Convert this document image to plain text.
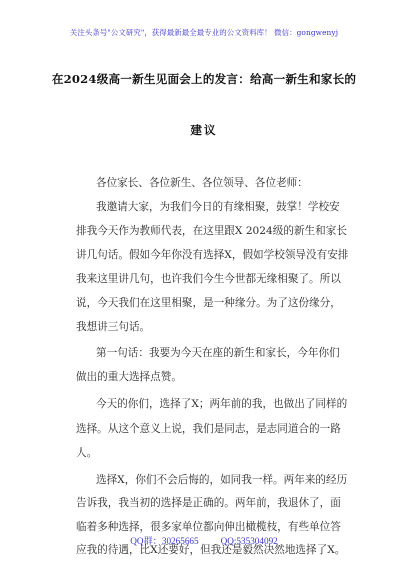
关注头条号"公文研究"，获得最新最全最专业的公文资料库！ 微信：gongwenyj
在2024级高一新生见面会上的发言：给高一新生和家长的
建议
各位家长、各位新生、各位领导、各位老师：
我邀请大家，为我们今日的有缘相聚，鼓掌！学校安
排我今天作为教师代表，在这里跟X 2024级的新生和家长
讲几句话。假如今年你没有选择X，假如学校领导没有安排
我来这里讲几句，也许我们今生今世都无缘相聚了。所以
说，今天我们在这里相聚，是一种缘分。为了这份缘分，
我想讲三句话。
第一句话：我要为今天在座的新生和家长，今年你们
做出的重大选择点赞。
今天的你们，选择了X；两年前的我，也做出了同样的
选择。从这个意义上说，我们是同志，是志同道合的一路
人。
选择X，你们不会后悔的，如同我一样。两年来的经历
告诉我，我当初的选择是正确的。两年前，我退休了，面
临着多种选择，很多家单位都向伸出橄榄枝，有些单位答
应我的待遇，比X还要好，但我还是毅然决然地选择了X。
QQ群：30265665 QQ:535304092
